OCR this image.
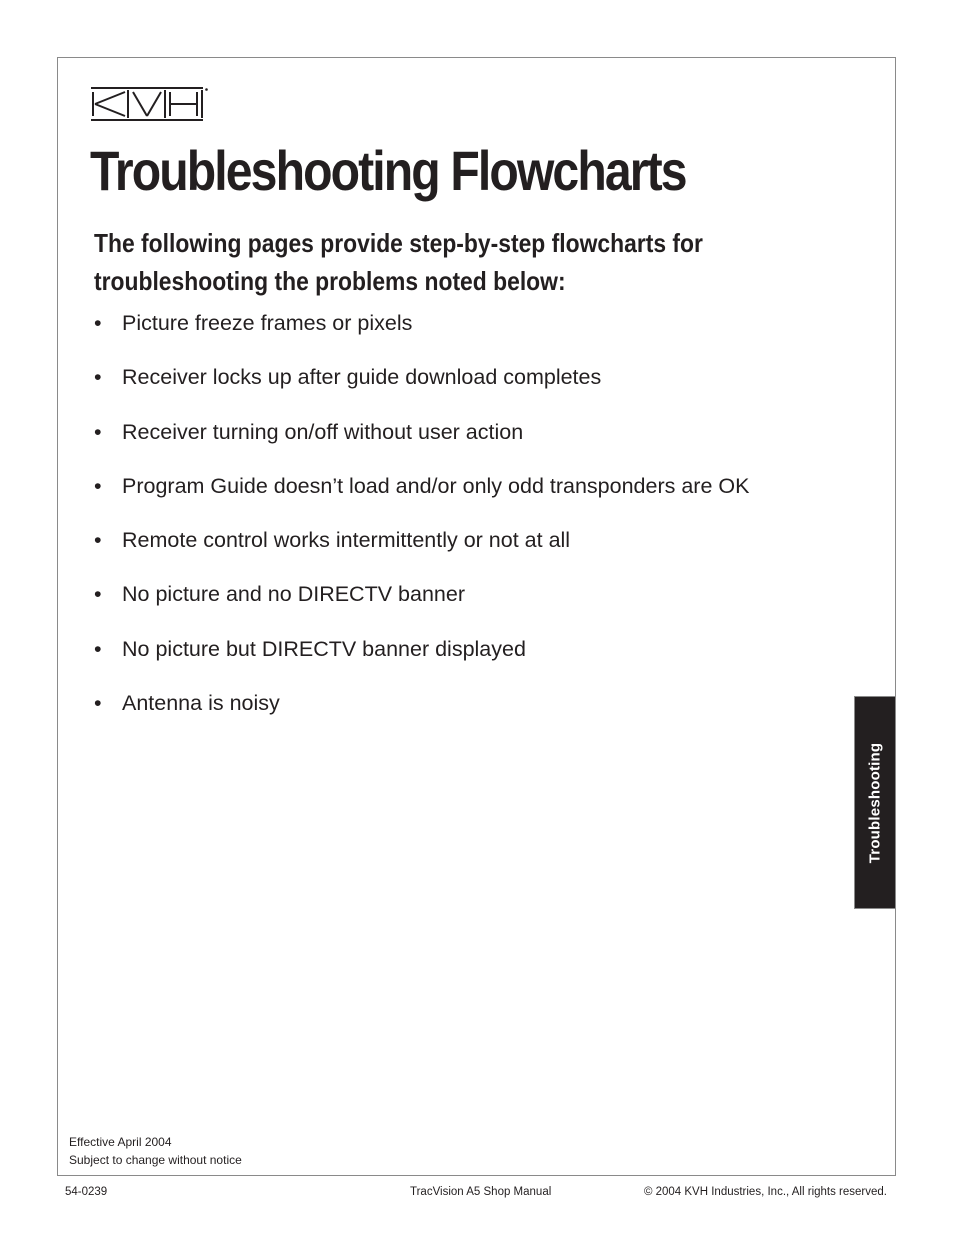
Troubleshooting Flowcharts

The following pages provide step-by-step flowcharts for
troubleshooting the problems noted below:

• Picture freeze frames or pixels
• Receiver locks up after guide download completes
• Receiver turning on/off without user action
• Program Guide doesn’t load and/or only odd transponders are OK
• Remote control works intermittently or not at all
• No picture and no DIRECTV banner
• No picture but DIRECTV banner displayed
• Antenna is noisy
Troubleshooting
Effective April 2004
Subject to change without notice
54-0239	TracVision A5 Shop Manual	© 2004 KVH Industries, Inc., All rights reserved.
